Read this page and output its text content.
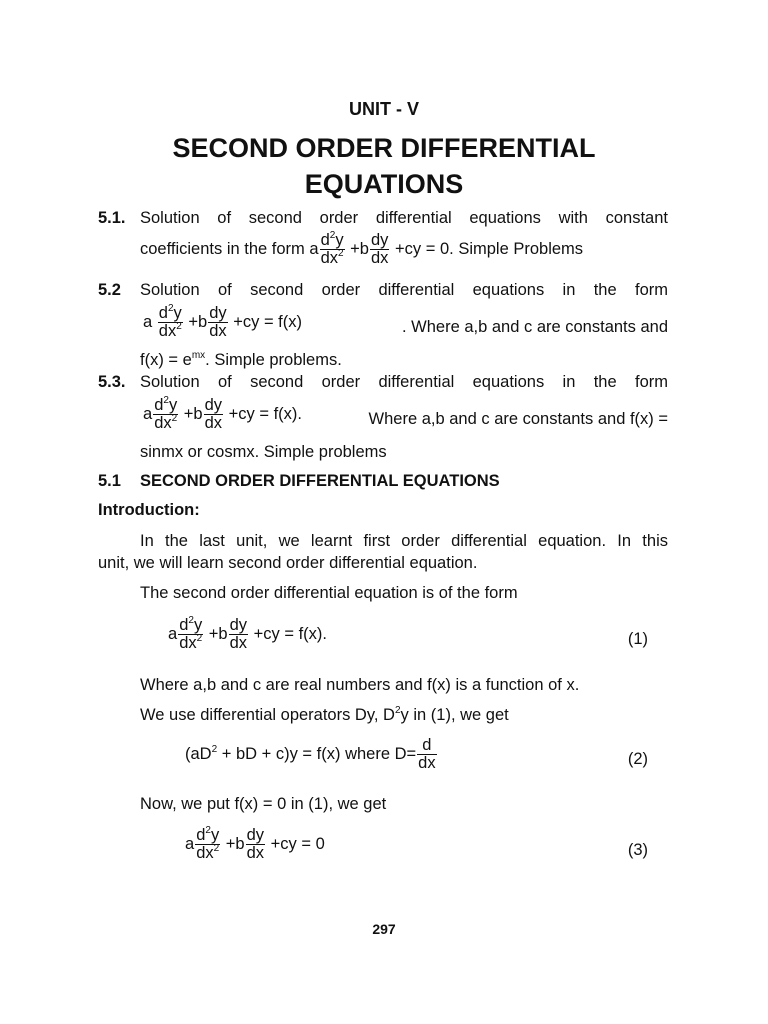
UNIT - V
SECOND ORDER DIFFERENTIAL
EQUATIONS
5.1. Solution of second order differential equations with constant
coefficients in the form a $\frac{d^2y}{dx^2} +b \frac{dy}{dx} +cy = 0$. Simple Problems
5.2 Solution of second order differential equations in the form
a $\frac{d^2y}{dx^2} +b \frac{dy}{dx} +cy = f(x)$	. Where a,b and c are constants and
$f(x) = e^{mx}$. Simple problems.
5.3. Solution of second order differential equations in the form
a $\frac{d^2y}{dx^2} +b \frac{dy}{dx} +cy = f(x)$.	Where a,b and c are constants and f(x) =
sinmx or cosmx. Simple problems
5.1 SECOND ORDER DIFFERENTIAL EQUATIONS
Introduction:
In the last unit, we learnt first order differential equation. In this
unit, we will learn second order differential equation.
The second order differential equation is of the form
a $\frac{d^2y}{dx^2} +b \frac{dy}{dx} +cy = f(x)$.	(1)
Where a,b and c are real numbers and f(x) is a function of x.
We use differential operators Dy, $D^2y$ in (1), we get
($aD^2$ + bD + c)y = f(x) where $D= \frac{d}{dx}$	(2)
Now, we put f(x) = 0 in (1), we get
a $\frac{d^2y}{dx^2} +b \frac{dy}{dx} +cy = 0$	(3)
297
